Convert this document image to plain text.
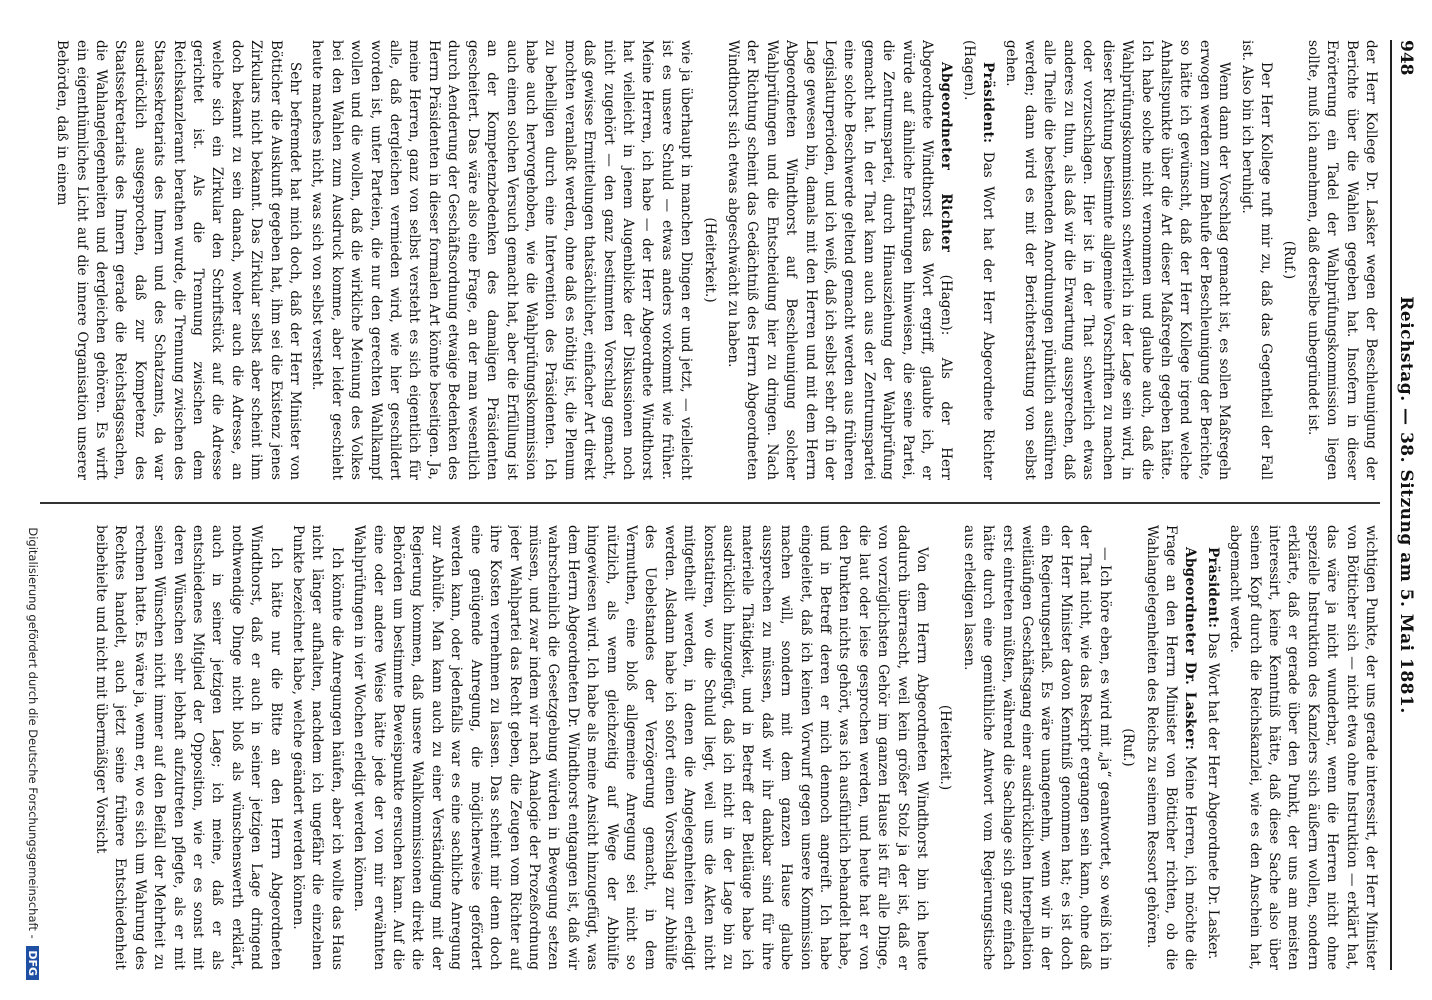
948
Reichstag. — 38. Sitzung am 5. Mai 1881.

der Herr Kollege Dr. Lasker wegen der Beschleunigung der Berichte über die Wahlen gegeben hat. Insofern in dieser Erörterung ein Tadel der Wahlprüfungskommission liegen sollte, muß ich annehmen, daß derselbe unbegründet ist.

(Ruf.)

Der Herr Kollege ruft mir zu, daß das Gegentheil der Fall ist. Also bin ich beruhigt.

Wenn dann der Vorschlag gemacht ist, es sollen Maßregeln erwogen werden zum Behufe der Beschleunigung der Berichte, so hätte ich gewünscht, daß der Herr Kollege irgend welche Anhaltspunkte über die Art dieser Maßregeln gegeben hätte. Ich habe solche nicht vernommen und glaube auch, daß die Wahlprüfungskommission schwerlich in der Lage sein wird, in dieser Richtung bestimmte allgemeine Vorschriften zu machen oder vorzuschlagen. Hier ist in der That schwerlich etwas anderes zu thun, als daß wir die Erwartung aussprechen, daß alle Theile die bestehenden Anordnungen pünktlich ausführen werden; dann wird es mit der Berichterstattung von selbst gehen.

Präsident: Das Wort hat der Herr Abgeordnete Richter (Hagen).

Abgeordneter Richter (Hagen): Als der Herr Abgeordnete Windthorst das Wort ergriff, glaubte ich, er würde auf ähnliche Erfahrungen hinweisen, die seine Partei, die Zentrumspartei, durch Hinausziehung der Wahlprüfung gemacht hat. In der That kann auch aus der Zentrumspartei eine solche Beschwerde geltend gemacht werden aus früheren Legislaturperioden, und ich weiß, daß ich selbst sehr oft in der Lage gewesen bin, damals mit den Herren und mit dem Herrn Abgeordneten Windthorst auf Beschleunigung solcher Wahlprüfungen und die Entscheidung hier zu dringen. Nach der Richtung scheint das Gedächtniß des Herrn Abgeordneten Windthorst sich etwas abgeschwächt zu haben.

(Heiterkeit.)

wie ja überhaupt in manchen Dingen er und jetzt, — vielleicht ist es unsere Schuld — etwas anders vorkommt wie früher. Meine Herren, ich habe — der Herr Abgeordnete Windthorst hat vielleicht in jenem Augenblicke der Diskussionen noch nicht zugehört — den ganz bestimmten Vorschlag gemacht, daß gewisse Ermittelungen thatsächlicher, einfacher Art direkt mochten veranlaßt werden, ohne daß es nöthig ist, die Plenum zu behelligen durch eine Intervention des Präsidenten. Ich habe auch hervorgehoben, wie die Wahlprüfungskommission auch einen solchen Versuch gemacht hat, aber die Erfüllung ist an der Kompetenzbedenken des damaligen Präsidenten gescheitert. Das wäre also eine Frage, an der man wesentlich durch Aenderung der Geschäftsordnung etwaige Bedenken des Herrn Präsidenten in dieser formalen Art könnte beseitigen. Ja, meine Herren, ganz von selbst versteht es sich eigentlich für alle, daß dergleichen vermieden wird, wie hier geschildert worden ist, unter Parteien, die nur den gerechten Wahlkampf wollen und die wollen, daß die wirkliche Meinung des Volkes bei den Wahlen zum Ausdruck komme, aber leider geschieht heute manches nicht, was sich von selbst versteht.

Sehr befremdet hat mich doch, daß der Herr Minister von Bötticher die Auskunft gegeben hat, ihm sei die Existenz jenes Zirkulars nicht bekannt. Das Zirkular selbst aber scheint ihm doch bekannt zu sein danach, woher auch die Adresse, an welche sich ein Zirkular den Schriftstück auf die Adresse gerichtet ist. Als die Trennung zwischen dem Reichskanzleramt berathen wurde, die Trennung zwischen des Staatssekretariats des Innern und des Schatzamts, da war ausdrücklich ausgesprochen, daß zur Kompetenz des Staatssekretariats des Innern gerade die Reichstagssachen, die Wahlangelegenheiten und dergleichen gehören. Es wirft ein eigenthümliches Licht auf die innere Organisation unserer Behörden, daß in einem

wichtigen Punkte, der uns gerade interessirt, der Herr Minister von Bötticher sich — nicht etwa ohne Instruktion — erklärt hat, das wäre ja nicht wunderbar, wenn die Herren nicht ohne spezielle Instruktion des Kanzlers sich äußern wollen, sondern erklärte, daß er gerade über den Punkt, der uns am meisten interessirt, keine Kenntniß hätte, daß diese Sache also über seinen Kopf durch die Reichskanzlei, wie es den Anschein hat, abgemacht werde.

Präsident: Das Wort hat der Herr Abgeordnete Dr. Lasker.

Abgeordneter Dr. Lasker: Meine Herren, ich möchte die Frage an den Herrn Minister von Bötticher richten, ob die Wahlangelegenheiten des Reichs zu seinem Ressort gehören.

(Ruf.)

— Ich höre eben, es wird mit „ja“ geantwortet, so weiß ich in der That nicht, wie das Reskript ergangen sein kann, ohne daß der Herr Minister davon Kenntniß genommen hat; es ist doch ein Regierungserlaß. Es wäre unangenehm, wenn wir in der weitläufigen Geschäftsgang einer ausdrücklichen Interpellation erst eintreten müßten, während die Sachlage sich ganz einfach hätte durch eine gemüthliche Antwort vom Regierungstische aus erledigen lassen.

(Heiterkeit.)

Von dem Herrn Abgeordneten Windthorst bin ich heute dadurch überrascht, weil kein größer Stolz ja der ist, daß er von vorzüglichsten Gehör im ganzen Hause ist für alle Dinge, die laut oder leise gesprochen werden, und heute hat er von den Punkten nichts gehört, was ich ausführlich behandelt habe, und in Betreff deren er mich dennoch angreift. Ich habe eingeleitet, daß ich keinen Vorwurf gegen unsere Kommission machen will, sondern mit dem ganzen Hause glaube aussprechen zu müssen, daß wir ihr dankbar sind für ihre materielle Thätigkeit, und in Betreff der Beitläuge habe ich ausdrücklich hinzugefügt, daß ich nicht in der Lage bin zu konstatiren, wo die Schuld liegt, weil uns die Akten nicht mitgetheilt werden, in denen die Angelegenheiten erledigt werden. Alsdann habe ich sofort einen Vorschlag zur Abhülfe des Uebelstandes der Verzögerung gemacht, in dem Vermuthen, eine bloß allgemeine Anregung sei nicht so nützlich, als wenn gleichzeitig auf Wege der Abhülfe hingewiesen wird. Ich habe als meine Ansicht hinzugefügt, was dem Herrn Abgeordneten Dr. Windthorst entgangen ist, daß wir wahrscheinlich die Gesetzgebung würden in Bewegung setzen müssen, und zwar indem wir nach Analogie der Prozeßordnung jeder Wahlpartei das Recht geben, die Zeugen vom Richter auf ihre Kosten vernehmen zu lassen. Das scheint mir denn doch eine genügende Anregung, die möglicherweise gefördert werden kann, oder jedenfalls war es eine sachliche Anregung zur Abhülfe. Man kann auch zu einer Verständigung mit der Regierung kommen, daß unsere Wahlkommissionen direkt die Behörden um bestimmte Beweispunkte ersuchen kann. Auf die eine oder andere Weise hätte jede der von mir erwähnten Wahlprüfungen in vier Wochen erledigt werden können.

Ich könnte die Anregungen häufen, aber ich wollte das Haus nicht länger aufhalten, nachdem ich ungefähr die einzelnen Punkte bezeichnet habe, welche geändert werden können.

Ich hätte nur die Bitte an den Herrn Abgeordneten Windthorst, daß er auch in seiner jetzigen Lage dringend nothwendige Dinge nicht bloß als wünschenswerth erklärt, auch in seiner jetzigen Lage; ich meine, daß er als entschiedenes Mitglied der Opposition, wie er es sonst mit deren Wünschen sehr lebhaft aufzutreten pflegte, als er mit seinen Wünschen nicht immer auf den Beifall der Mehrheit zu rechnen hatte. Es wäre ja, wenn er, wo es sich um Wahrung des Rechtes handelt, auch jetzt seine frühere Entschiedenheit beibehielte und nicht mit übermäßiger Vorsicht

Digitalisierung gefördert durch die Deutsche Forschungsgemeinschaft - DFG
